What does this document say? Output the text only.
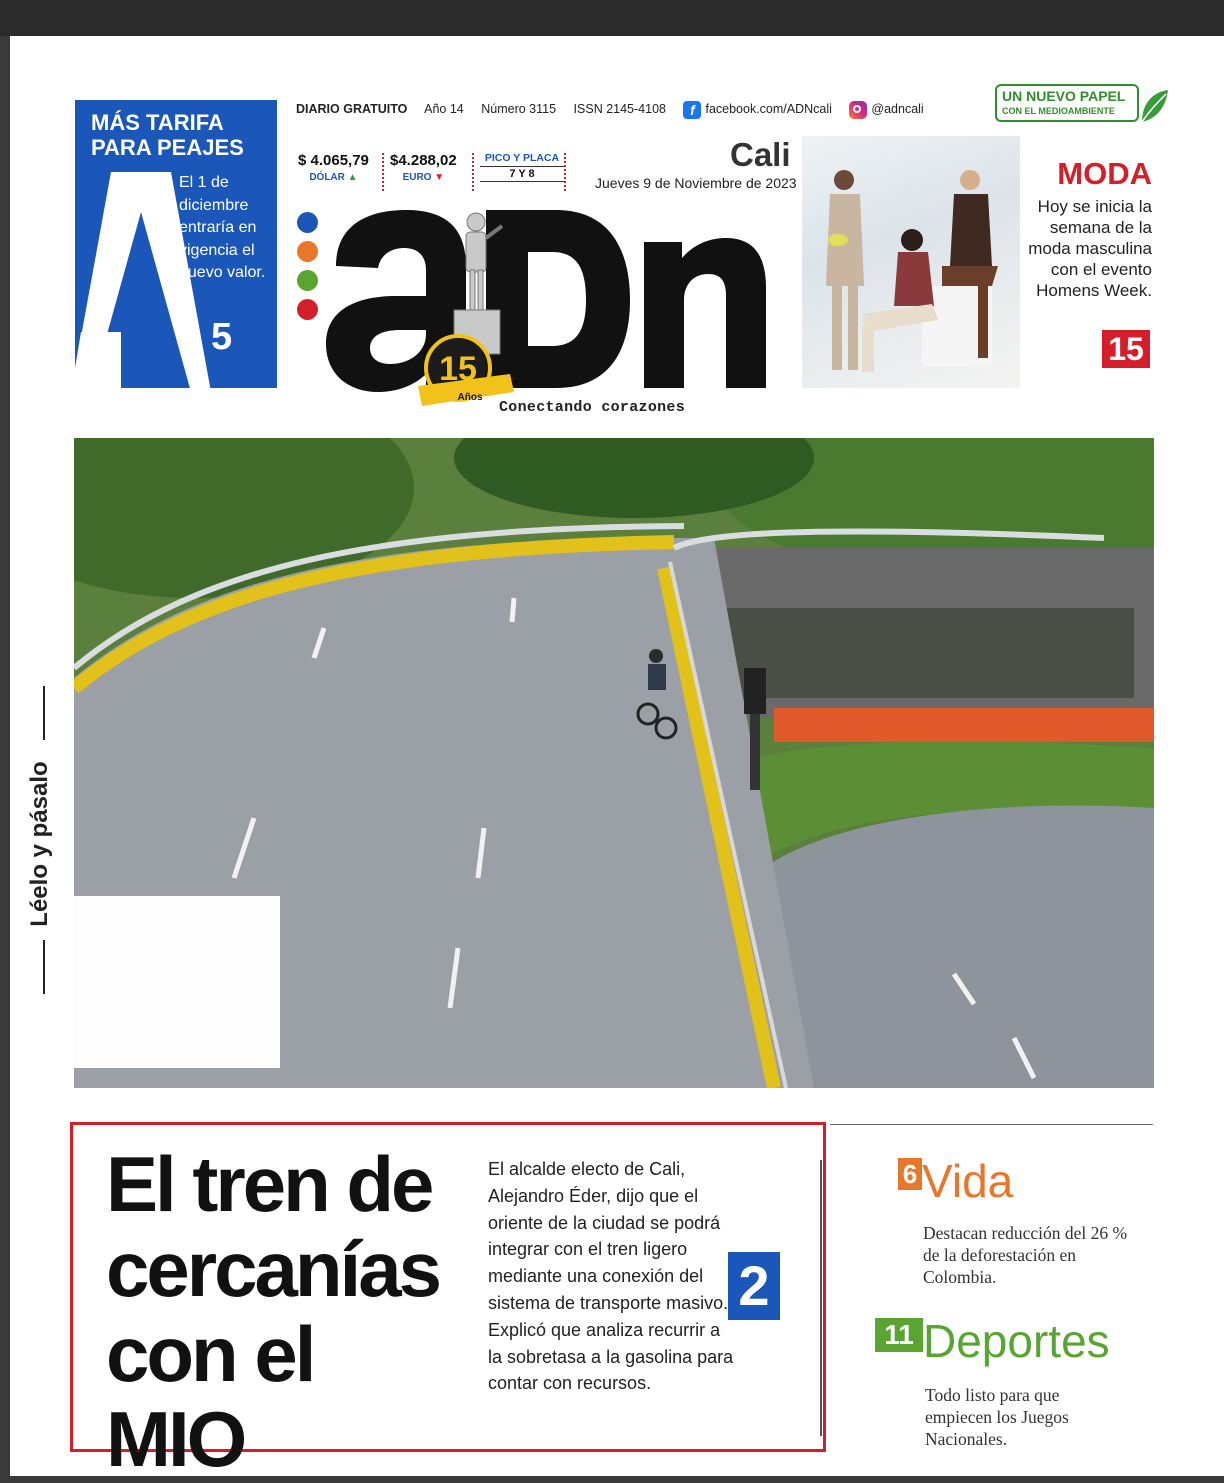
MÁS TARIFA PARA PEAJES
El 1 de diciembre entraría en vigencia el nuevo valor.
5
DIARIO GRATUITO Año 14 Número 3115 ISSN 2145-4108 f facebook.com/ADNcali	@adncali
UN NUEVO PAPEL
CON EL MEDIOAMBIENTE
$ 4.065,79
DÓLAR ▲
$4.288,02
EURO ▼
PICO Y PLACA
7 Y 8
Cali
Jueves 9 de Noviembre de 2023
15
Años
Conectando corazones
MODA
Hoy se inicia la semana de la moda masculina con el evento Homens Week.
15
Léelo y pásalo
El tren de cercanías con el MIO
El alcalde electo de Cali, Alejandro Éder, dijo que el oriente de la ciudad se podrá integrar con el tren ligero mediante una conexión del sistema de transporte masivo. Explicó que analiza recurrir a la sobretasa a la gasolina para contar con recursos.
2
6 Vida
Destacan reducción del 26 % de la deforestación en Colombia.
11 Deportes
Todo listo para que empiecen los Juegos Nacionales.
